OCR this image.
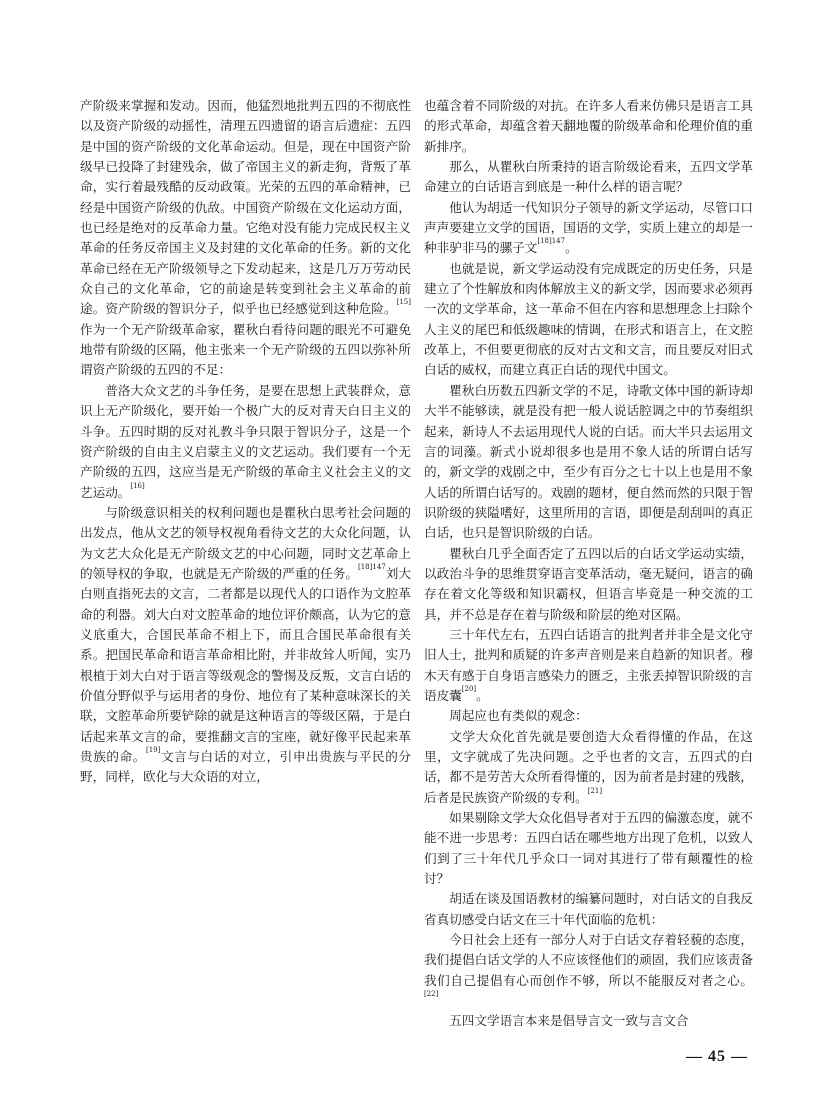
产阶级来掌握和发动。因而，他猛烈地批判五四的不彻底性以及资产阶级的动摇性，清理五四遗留的语言后遗症：五四是中国的资产阶级的文化革命运动。但是，现在中国资产阶级早已投降了封建残余，做了帝国主义的新走狗，背叛了革命，实行着最残酷的反动政策。光荣的五四的革命精神，已经是中国资产阶级的仇敌。中国资产阶级在文化运动方面，也已经是绝对的反革命力量。它绝对没有能力完成民权主义革命的任务反帝国主义及封建的文化革命的任务。新的文化革命已经在无产阶级领导之下发动起来，这是几万万劳动民众自己的文化革命，它的前途是转变到社会主义革命的前途。资产阶级的智识分子，似乎也已经感觉到这种危险。[15]作为一个无产阶级革命家，瞿秋白看待问题的眼光不可避免地带有阶级的区隔，他主张来一个无产阶级的五四以弥补所谓资产阶级的五四的不足：

普洛大众文艺的斗争任务，是要在思想上武装群众，意识上无产阶级化，要开始一个极广大的反对青天白日主义的斗争。五四时期的反对礼教斗争只限于智识分子，这是一个资产阶级的自由主义启蒙主义的文艺运动。我们要有一个无产阶级的五四，这应当是无产阶级的革命主义社会主义的文艺运动。[16]

与阶级意识相关的权利问题也是瞿秋白思考社会问题的出发点，他从文艺的领导权视角看待文艺的大众化问题，认为文艺大众化是无产阶级文艺的中心问题，同时文艺革命上的领导权的争取，也就是无产阶级的严重的任务。$^{[18]147}$刘大白则直指死去的文言，二者都是以现代人的口语作为文腔革命的利器。刘大白对文腔革命的地位评价颇高，认为它的意义底重大，合国民革命不相上下，而且合国民革命很有关系。把国民革命和语言革命相比附，并非故耸人听闻，实乃根植于刘大白对于语言等级观念的警惕及反叛，文言白话的价值分野似乎与运用者的身份、地位有了某种意味深长的关联，文腔革命所要铲除的就是这种语言的等级区隔，于是白话起来革文言的命，要推翻文言的宝座，就好像平民起来革贵族的命。[19]文言与白话的对立，引申出贵族与平民的分野，同样，欧化与大众语的对立，

也蕴含着不同阶级的对抗。在许多人看来仿佛只是语言工具的形式革命，却蕴含着天翻地覆的阶级革命和伦理价值的重新排序。

那么，从瞿秋白所秉持的语言阶级论看来，五四文学革命建立的白话语言到底是一种什么样的语言呢？

他认为胡适一代知识分子领导的新文学运动，尽管口口声声要建立文学的国语，国语的文学，实质上建立的却是一种非驴非马的骡子文$^{[18]147}$。

也就是说，新文学运动没有完成既定的历史任务，只是建立了个性解放和肉体解放主义的新文学，因而要求必须再一次的文学革命，这一革命不但在内容和思想理念上扫除个人主义的尾巴和低级趣味的情调，在形式和语言上，在文腔改革上，不但要更彻底的反对古文和文言，而且要反对旧式白话的威权，而建立真正白话的现代中国文。

瞿秋白历数五四新文学的不足，诗歌文体中国的新诗却大半不能够读，就是没有把一般人说话腔调之中的节奏组织起来，新诗人不去运用现代人说的白话。而大半只去运用文言的词藻。新式小说却很多也是用不象人话的所谓白话写的，新文学的戏剧之中，至少有百分之七十以上也是用不象人话的所谓白话写的。戏剧的题材，便自然而然的只限于智识阶级的狭隘嗜好，这里所用的言语，即便是刮刮叫的真正白话，也只是智识阶级的白话。

瞿秋白几乎全面否定了五四以后的白话文学运动实绩，以政治斗争的思维贯穿语言变革活动，毫无疑问，语言的确存在着文化等级和知识霸权，但语言毕竟是一种交流的工具，并不总是存在着与阶级和阶层的绝对区隔。

三十年代左右，五四白话语言的批判者并非全是文化守旧人士，批判和质疑的许多声音则是来自趋新的知识者。穆木天有感于自身语言感染力的匮乏，主张丢掉智识阶级的言语皮囊[20]。

周起应也有类似的观念：

文学大众化首先就是要创造大众看得懂的作品，在这里，文字就成了先决问题。之乎也者的文言，五四式的白话，都不是劳苦大众所看得懂的，因为前者是封建的残骸，后者是民族资产阶级的专利。[21]

如果剔除文学大众化倡导者对于五四的偏激态度，就不能不进一步思考：五四白话在哪些地方出现了危机，以致人们到了三十年代几乎众口一词对其进行了带有颠覆性的检讨？

胡适在谈及国语教材的编纂问题时，对白话文的自我反省真切感受白话文在三十年代面临的危机：

今日社会上还有一部分人对于白话文存着轻藐的态度，我们提倡白话文学的人不应该怪他们的顽固，我们应该责备我们自己提倡有心而创作不够，所以不能服反对者之心。[22]

五四文学语言本来是倡导言文一致与言文合

— 45 —
